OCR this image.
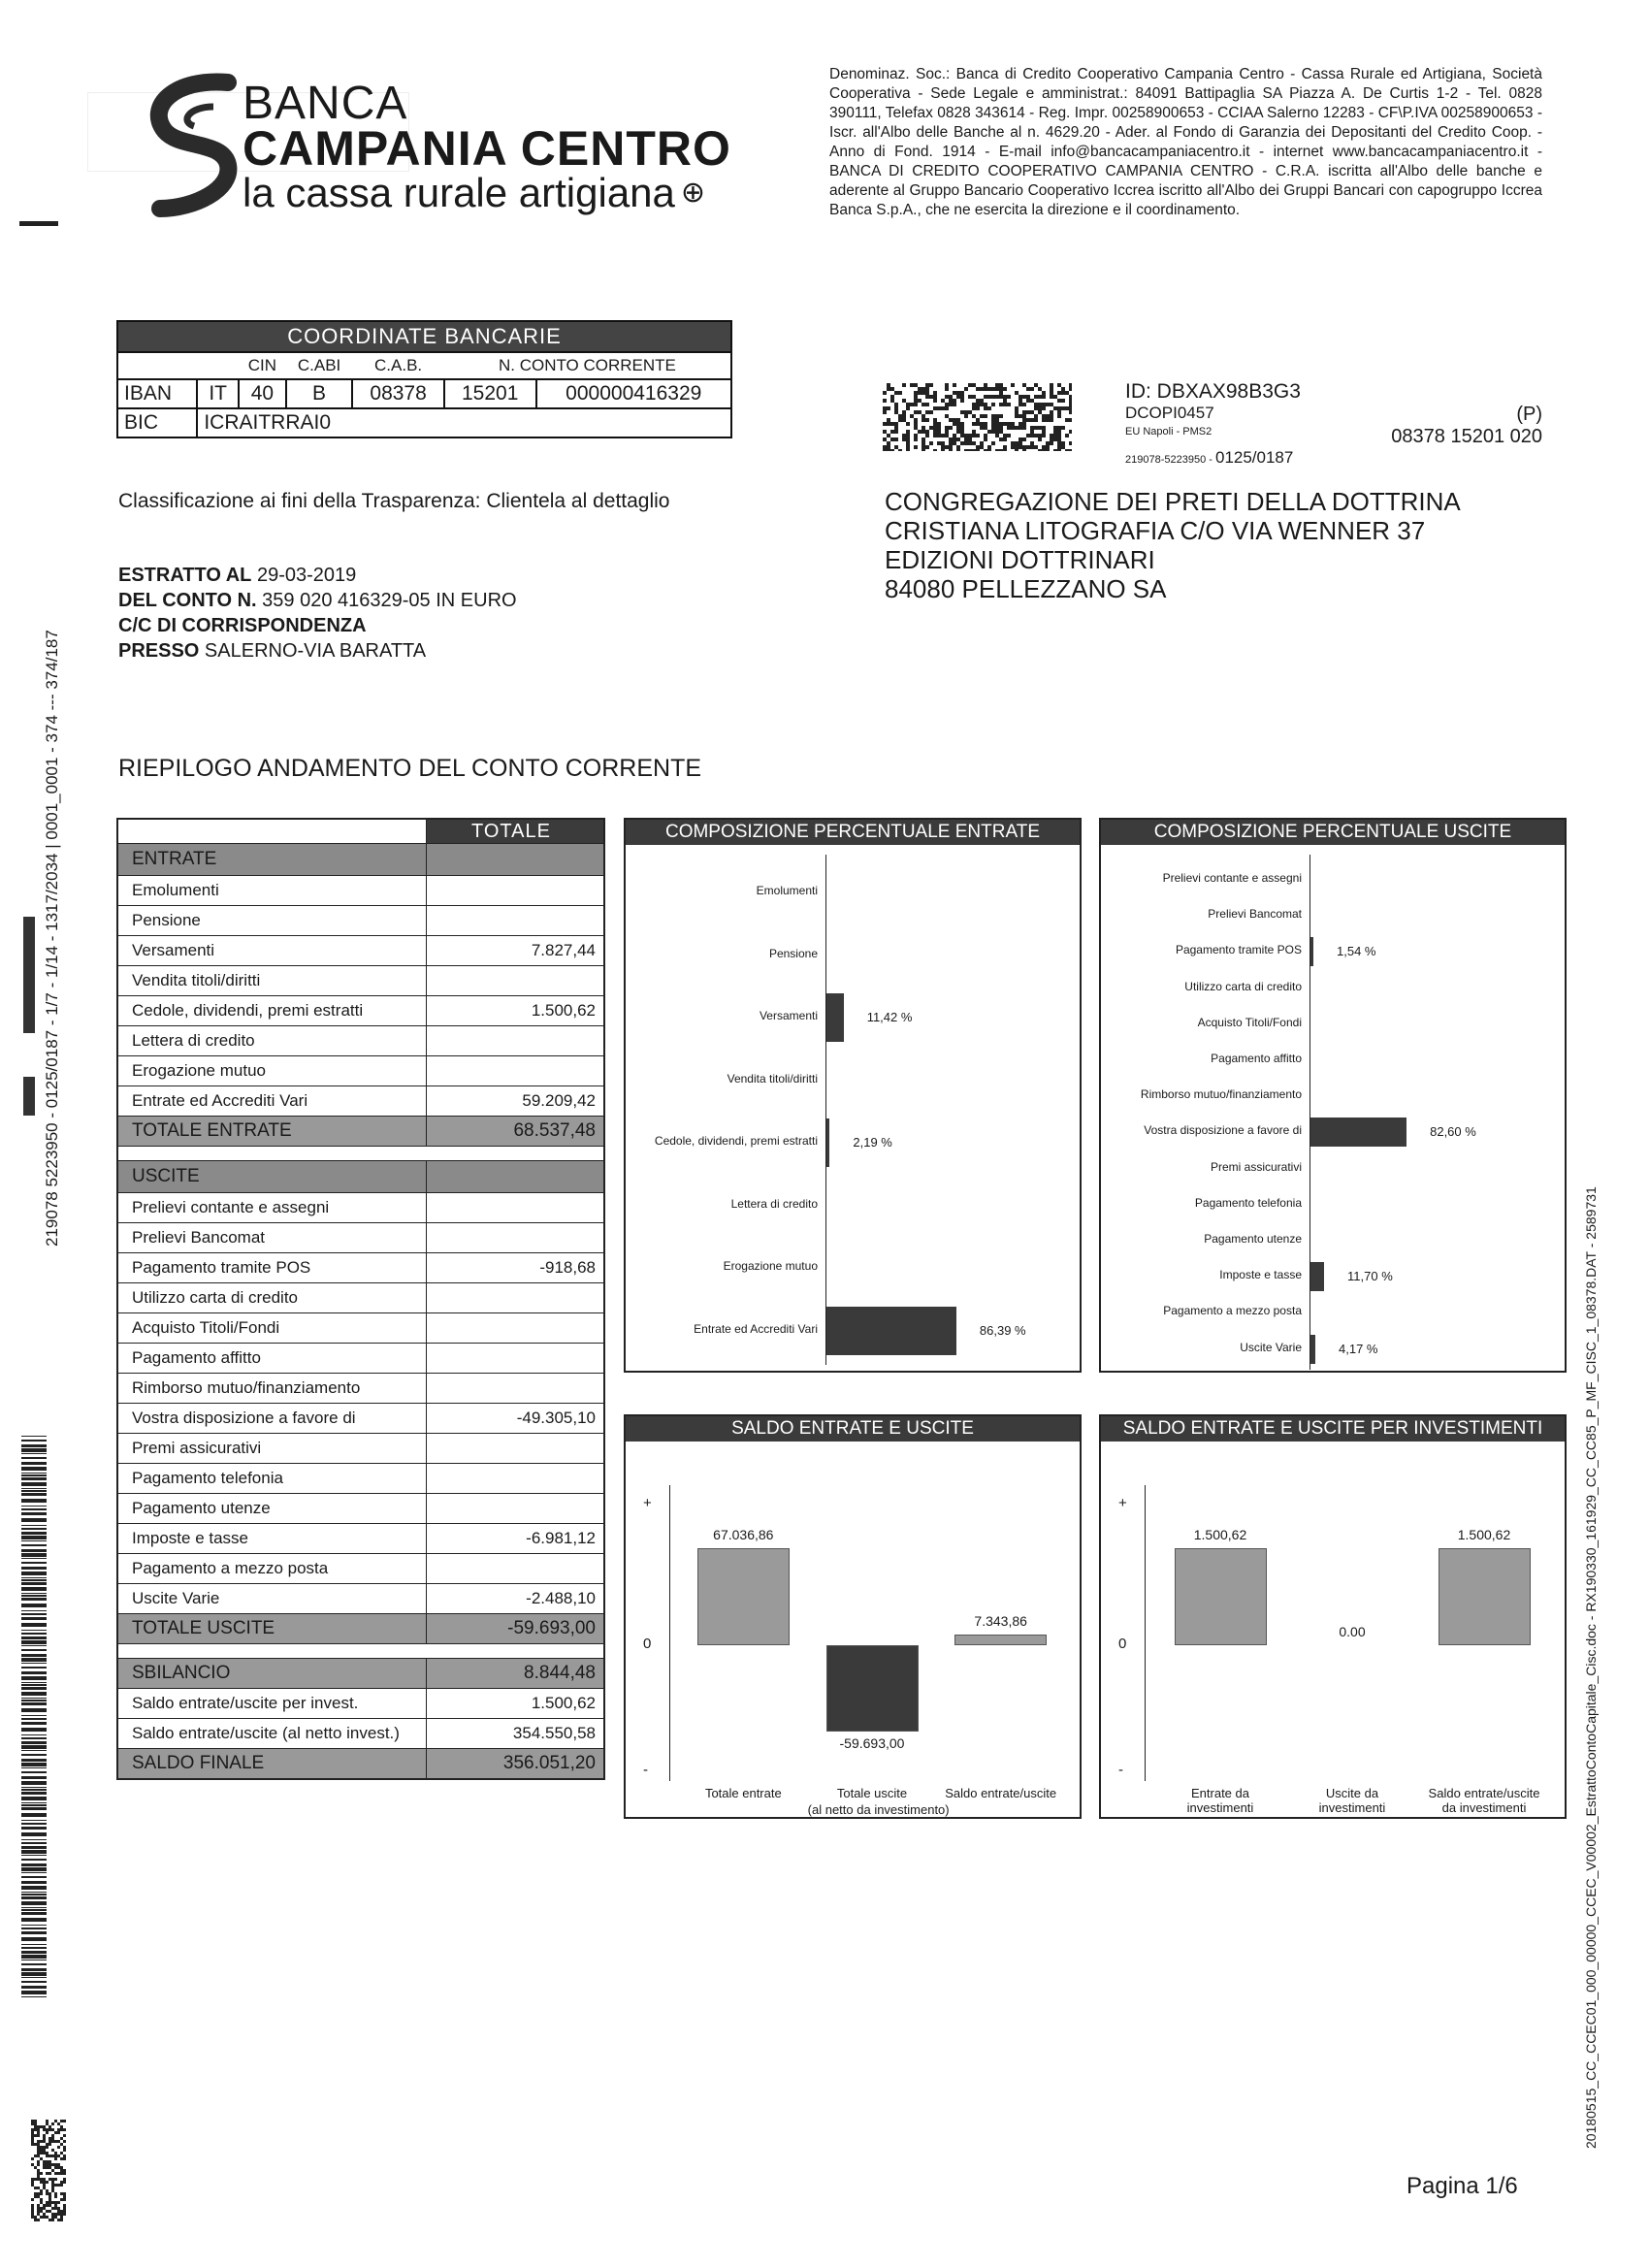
BANCA
CAMPANIA CENTRO
la cassa rurale artigiana ⊕
Denominaz. Soc.: Banca di Credito Cooperativo Campania Centro - Cassa Rurale ed Artigiana, Società Cooperativa - Sede Legale e amministrat.: 84091 Battipaglia SA Piazza A. De Curtis 1-2 - Tel. 0828 390111, Telefax 0828 343614 - Reg. Impr. 00258900653 - CCIAA Salerno 12283 - CF\P.IVA 00258900653 - Iscr. all'Albo delle Banche al n. 4629.20 - Ader. al Fondo di Garanzia dei Depositanti del Credito Coop. - Anno di Fond. 1914 - E-mail info@bancacampaniacentro.it - internet www.bancacampaniacentro.it - BANCA DI CREDITO COOPERATIVO CAMPANIA CENTRO - C.R.A. iscritta all'Albo delle banche e aderente al Gruppo Bancario Cooperativo Iccrea iscritto all'Albo dei Gruppi Bancari con capogruppo Iccrea Banca S.p.A., che ne esercita la direzione e il coordinamento.
COORDINATE BANCARIE						
		CIN	C.ABI	C.A.B.	N. CONTO CORRENTE	
IBAN	IT	40	B	08378	15201	000000416329
BIC	ICRAITRRAI0					
ID: DBXAX98B3G3
DCOPI0457	(P)
EU Napoli - PMS2	08378 15201 020
219078-5223950 - 0125/0187
Classificazione ai fini della Trasparenza: Clientela al dettaglio
ESTRATTO AL 29-03-2019
DEL CONTO N. 359 020 416329-05 IN EURO
C/C DI CORRISPONDENZA
PRESSO SALERNO-VIA BARATTA
CONGREGAZIONE DEI PRETI DELLA DOTTRINA
CRISTIANA LITOGRAFIA C/O VIA WENNER 37
EDIZIONI DOTTRINARI
84080 PELLEZZANO SA
RIEPILOGO ANDAMENTO DEL CONTO CORRENTE
TOTALE
ENTRATE
Emolumenti
Pensione
Versamenti	7.827,44
Vendita titoli/diritti
Cedole, dividendi, premi estratti	1.500,62
Lettera di credito
Erogazione mutuo
Entrate ed Accrediti Vari	59.209,42
TOTALE ENTRATE	68.537,48
USCITE
Prelievi contante e assegni
Prelievi Bancomat
Pagamento tramite POS	-918,68
Utilizzo carta di credito
Acquisto Titoli/Fondi
Pagamento affitto
Rimborso mutuo/finanziamento
Vostra disposizione a favore di	-49.305,10
Premi assicurativi
Pagamento telefonia
Pagamento utenze
Imposte e tasse	-6.981,12
Pagamento a mezzo posta
Uscite Varie	-2.488,10
TOTALE USCITE	-59.693,00
SBILANCIO	8.844,48
Saldo entrate/uscite per invest.	1.500,62
Saldo entrate/uscite (al netto invest.)	354.550,58
SALDO FINALE	356.051,20
COMPOSIZIONE PERCENTUALE ENTRATE
Emolumenti
Pensione
Versamenti	11,42 %
Vendita titoli/diritti
Cedole, dividendi, premi estratti	2,19 %
Lettera di credito
Erogazione mutuo
Entrate ed Accrediti Vari	86,39 %
COMPOSIZIONE PERCENTUALE USCITE
Prelievi contante e assegni
Prelievi Bancomat
Pagamento tramite POS	1,54 %
Utilizzo carta di credito
Acquisto Titoli/Fondi
Pagamento affitto
Rimborso mutuo/finanziamento
Vostra disposizione a favore di	82,60 %
Premi assicurativi
Pagamento telefonia
Pagamento utenze
Imposte e tasse	11,70 %
Pagamento a mezzo posta
Uscite Varie	4,17 %
SALDO ENTRATE E USCITE
+
0
-
67.036,86
Totale entrate
-59.693,00
Totale uscite
7.343,86
Saldo entrate/uscite
(al netto da investimento)
SALDO ENTRATE E USCITE PER INVESTIMENTI
+
0
-
1.500,62
Entrate da investimenti
0.00
Uscite da investimenti
1.500,62
Saldo entrate/uscite da investimenti
219078 5223950 - 0125/0187 - 1/7 - 1/14 - 1317/2034 | 0001_0001 - 374 --- 374/187
20180515_CC_CCEC01_000_00000_CCEC_V00002_EstrattoContoCapitale_Cisc.doc - RX190330_161929_CC_CC85_P_MF_CISC_1_08378.DAT - 2589731
Pagina 1/6
